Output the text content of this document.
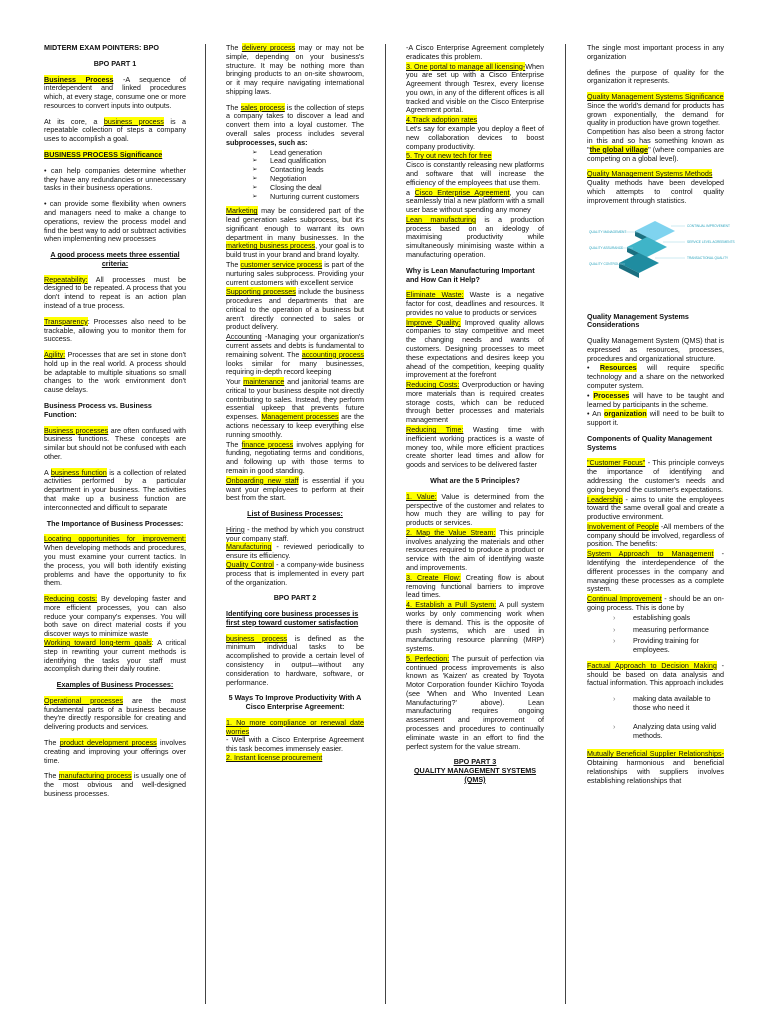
MIDTERM EXAM POINTERS: BPO

BPO PART 1

Business Process -A sequence of interdependent and linked procedures which, at every stage, consume one or more resources to convert inputs into outputs.

At its core, a business process is a repeatable collection of steps a company uses to accomplish a goal.

BUSINESS PROCESS Significance

• can help companies determine whether they have any redundancies or unnecessary tasks in their business operations.

• can provide some flexibility when owners and managers need to make a change to operations, review the process model and find the best way to add or subtract activities when implementing new processes

A good process meets three essential criteria:

Repeatability: All processes must be designed to be repeated. A process that you don't intend to repeat is an action plan instead of a true process.

Transparency: Processes also need to be trackable, allowing you to monitor them for success.

Agility: Processes that are set in stone don't hold up in the real world. A process should be adaptable to multiple situations so small changes to the work environment don't cause delays.

Business Process vs. Business Function:

Business processes are often confused with business functions. These concepts are similar but should not be confused with each other.

A business function is a collection of related activities performed by a particular department in your business. The activities that make up a business function are interconnected and difficult to separate

The Importance of Business Processes:

Locating opportunities for improvement: When developing methods and procedures, you must examine your current tactics. In the process, you will both identify existing problems and have the opportunity to fix them.

Reducing costs: By developing faster and more efficient processes, you can also reduce your company's expenses. You will both save on direct material costs if you discover ways to minimize waste
Working toward long-term goals: A critical step in rewriting your current methods is identifying the tasks your staff must accomplish during their daily routine.

Examples of Business Processes:

Operational processes are the most fundamental parts of a business because they're directly responsible for creating and delivering products and services.

The product development process involves creating and improving your offerings over time.

The manufacturing process is usually one of the most obvious and well-designed business processes.

The delivery process may or may not be simple, depending on your business's structure. It may be nothing more than bringing products to an on-site showroom, or it may require navigating international shipping laws.

The sales process is the collection of steps a company takes to discover a lead and convert them into a loyal customer. The overall sales process includes several subprocesses, such as:

➢ Lead generation
➢ Lead qualification
➢ Contacting leads
➢ Negotiation
➢ Closing the deal
➢ Nurturing current customers

Marketing may be considered part of the lead generation sales subprocess, but it's significant enough to warrant its own department in many businesses. In the marketing business process, your goal is to build trust in your brand and brand loyalty.

The customer service process is part of the nurturing sales subprocess. Providing your current customers with excellent service

Supporting processes include the business procedures and departments that are critical to the operation of a business but aren't directly connected to sales or product delivery.

Accounting -Managing your organization's current assets and debts is fundamental to remaining solvent. The accounting process looks similar for many businesses, requiring in-depth record keeping

Your maintenance and janitorial teams are critical to your business despite not directly contributing to sales. Instead, they perform essential upkeep that prevents future expenses. Management processes are the actions necessary to keep everything else running smoothly.

The finance process involves applying for funding, negotiating terms and conditions, and following up with those terms to remain in good standing.

Onboarding new staff is essential if you want your employees to perform at their best from the start.

List of Business Processes:

Hiring - the method by which you construct your company staff.
Manufacturing - reviewed periodically to ensure its efficiency.
Quality Control - a company-wide business process that is implemented in every part of the organization.

BPO PART 2

Identifying core business processes is first step toward customer satisfaction

business process is defined as the minimum individual tasks to be accomplished to provide a certain level of consistency in output—without any consideration to hardware, software, or performance.

5 Ways To Improve Productivity With A Cisco Enterprise Agreement:

1. No more compliance or renewal date worries
- Well with a Cisco Enterprise Agreement this task becomes immensely easier.
2. Instant license procurement

-A Cisco Enterprise Agreement completely eradicates this problem.

3. One portal to manage all licensing-When you are set up with a Cisco Enterprise Agreement through Tesrex, every license you own, in any of the different offices is all tracked and visible on the Cisco Enterprise Agreement portal.

4.Track adoption rates
Let's say for example you deploy a fleet of new collaboration devices to boost company productivity.

5. Try out new tech for free
Cisco is constantly releasing new platforms and software that will increase the efficiency of the employees that use them.

a Cisco Enterprise Agreement, you can seamlessly trial a new platform with a small user base without spending any money

Lean manufacturing is a production process based on an ideology of maximising productivity while simultaneously minimising waste within a manufacturing operation.

Why is Lean Manufacturing Important and How Can it Help?

Eliminate Waste: Waste is a negative factor for cost, deadlines and resources. It provides no value to products or services

Improve Quality: Improved quality allows companies to stay competitive and meet the changing needs and wants of customers. Designing processes to meet these expectations and desires keep you ahead of the competition, keeping quality improvement at the forefront

Reducing Costs: Overproduction or having more materials than is required creates storage costs, which can be reduced through better processes and materials management

Reducing Time: Wasting time with inefficient working practices is a waste of money too, while more efficient practices create shorter lead times and allow for goods and services to be delivered faster

What are the 5 Principles?

1. Value: Value is determined from the perspective of the customer and relates to how much they are willing to pay for products or services.

2. Map the Value Stream: This principle involves analyzing the materials and other resources required to produce a product or service with the aim of identifying waste and improvements.

3. Create Flow: Creating flow is about removing functional barriers to improve lead times.

4. Establish a Pull System: A pull system works by only commencing work when there is demand. This is the opposite of push systems, which are used in manufacturing resource planning (MRP) systems.

5. Perfection: The pursuit of perfection via continued process improvements is also known as 'Kaizen' as created by Toyota Motor Corporation founder Kiichiro Toyoda (see 'When and Who Invented Lean Manufacturing?' above). Lean manufacturing requires ongoing assessment and improvement of processes and procedures to continually eliminate waste in an effort to find the perfect system for the value stream.

BPO PART 3
QUALITY MANAGEMENT SYSTEMS
(QMS)

The single most important process in any organization

defines the purpose of quality for the organization it represents.

Quality Management Systems Significance
Since the world's demand for products has grown exponentially, the demand for quality in production have grown together.
Competition has also been a strong factor in this and so has something known as "the global village" (where companies are competing on a global level).

Quality Management Systems Methods
Quality methods have been developed which attempts to control quality improvement through statistics.

QUALITY MANAGEMENT
QUALITY ASSURANCE
QUALITY CONTROL
CONTINUAL IMPROVEMENT
SERVICE LEVEL AGREEMENTS
TRANSACTIONAL QUALITY

Quality Management Systems Considerations

Quality Management System (QMS) that is expressed as resources, processes, procedures and organizational structure.

• Resources will require specific technology and a share on the networked computer system.

• Processes will have to be taught and learned by participants in the scheme.

• An organization will need to be built to support it.

Components of Quality Management Systems

"Customer Focus" - This principle conveys the importance of identifying and addressing the customer's needs and going beyond the customer's expectations.

Leadership - aims to unite the employees toward the same overall goal and create a productive environment.

Involvement of People -All members of the company should be involved, regardless of position. The benefits:

System Approach to Management - Identifying the interdependence of the different processes in the company and managing these processes as a complete system.

Continual Improvement - should be an on-going process. This is done by

› establishing goals
› measuring performance
› Providing training for employees.

Factual Approach to Decision Making - should be based on data analysis and factual information. This approach includes

› making data available to those who need it
› Analyzing data using valid methods.

Mutually Beneficial Supplier Relationships- Obtaining harmonious and beneficial relationships with suppliers involves establishing relationships that
